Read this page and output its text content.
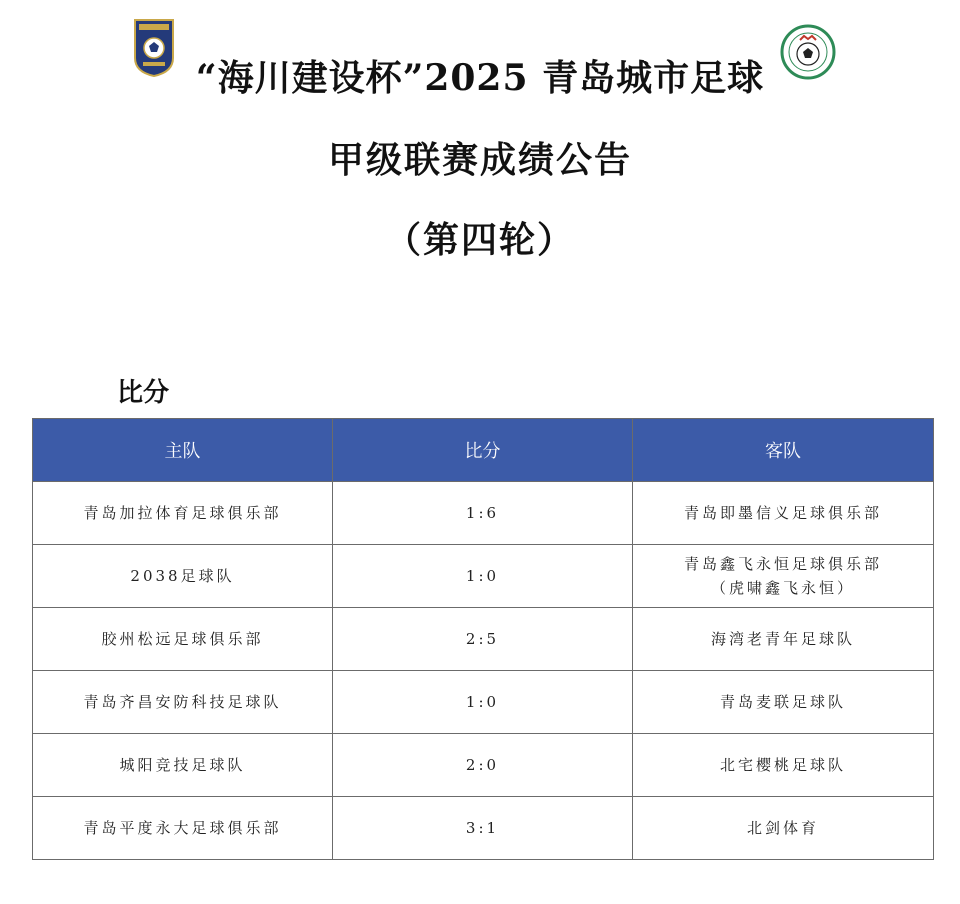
“海川建设杯”2025 青岛城市足球
甲级联赛成绩公告
（第四轮）
比分
主队	比分	客队
青岛加拉体育足球俱乐部	1:6	青岛即墨信义足球俱乐部
2038足球队	1:0	青岛鑫飞永恒足球俱乐部
（虎啸鑫飞永恒）

胶州松远足球俱乐部	2:5	海湾老青年足球队
青岛齐昌安防科技足球队	1:0	青岛麦联足球队
城阳竞技足球队	2:0	北宅樱桃足球队
青岛平度永大足球俱乐部	3:1	北剑体育
